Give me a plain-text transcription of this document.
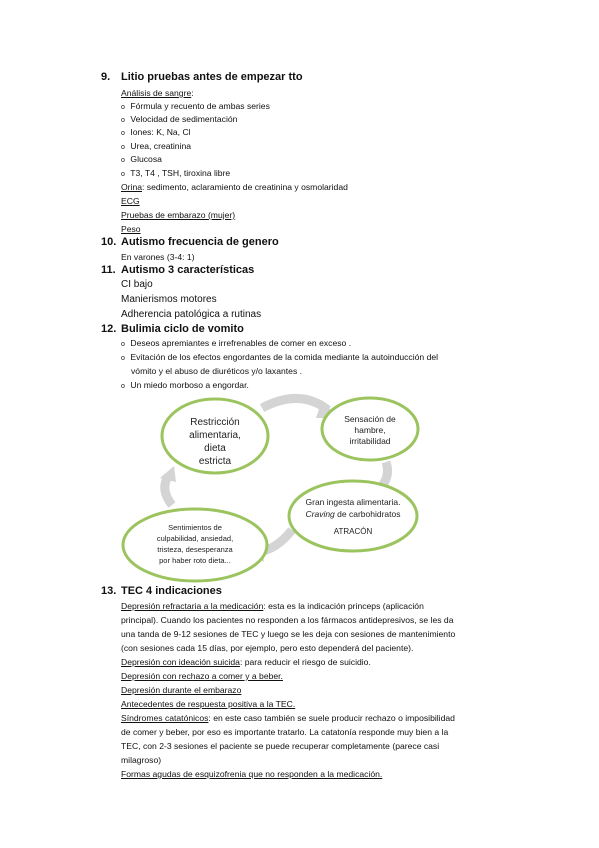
9. Litio pruebas antes de empezar tto
Análisis de sangre:
o Fórmula y recuento de ambas series
o Velocidad de sedimentación
o Iones: K, Na, Cl
o Urea, creatinina
o Glucosa
o T3, T4 , TSH, tiroxina libre
Orina: sedimento, aclaramiento de creatinina y osmolaridad
ECG
Pruebas de embarazo (mujer)
Peso
10. Autismo frecuencia de genero
En varones (3-4: 1)
11. Autismo 3 características
CI bajo
Manierismos motores
Adherencia patológica a rutinas
12. Bulimia ciclo de vomito
o Deseos apremiantes e irrefrenables de comer en exceso .
o Evitación de los efectos engordantes de la comida mediante la autoinducción del
vómito y el abuso de diuréticos y/o laxantes .
o Un miedo morboso a engordar.
Restricción
alimentaria,
dieta
estricta
Sensación de
hambre,
irritabilidad
Gran ingesta alimentaria.
Craving de carbohidratos
ATRACÓN
Sentimientos de
culpabilidad, ansiedad,
tristeza, desesperanza
por haber roto dieta...
13. TEC 4 indicaciones
Depresión refractaria a la medicación: esta es la indicación princeps (aplicación
principal). Cuando los pacientes no responden a los fármacos antidepresivos, se les da
una tanda de 9-12 sesiones de TEC y luego se les deja con sesiones de mantenimiento
(con sesiones cada 15 días, por ejemplo, pero esto dependerá del paciente).
Depresión con ideación suicida: para reducir el riesgo de suicidio.
Depresión con rechazo a comer y a beber.
Depresión durante el embarazo
Antecedentes de respuesta positiva a la TEC.
Síndromes catatónicos: en este caso también se suele producir rechazo o imposibilidad
de comer y beber, por eso es importante tratarlo. La catatonía responde muy bien a la
TEC, con 2-3 sesiones el paciente se puede recuperar completamente (parece casi
milagroso)
Formas agudas de esquizofrenia que no responden a la medicación.
